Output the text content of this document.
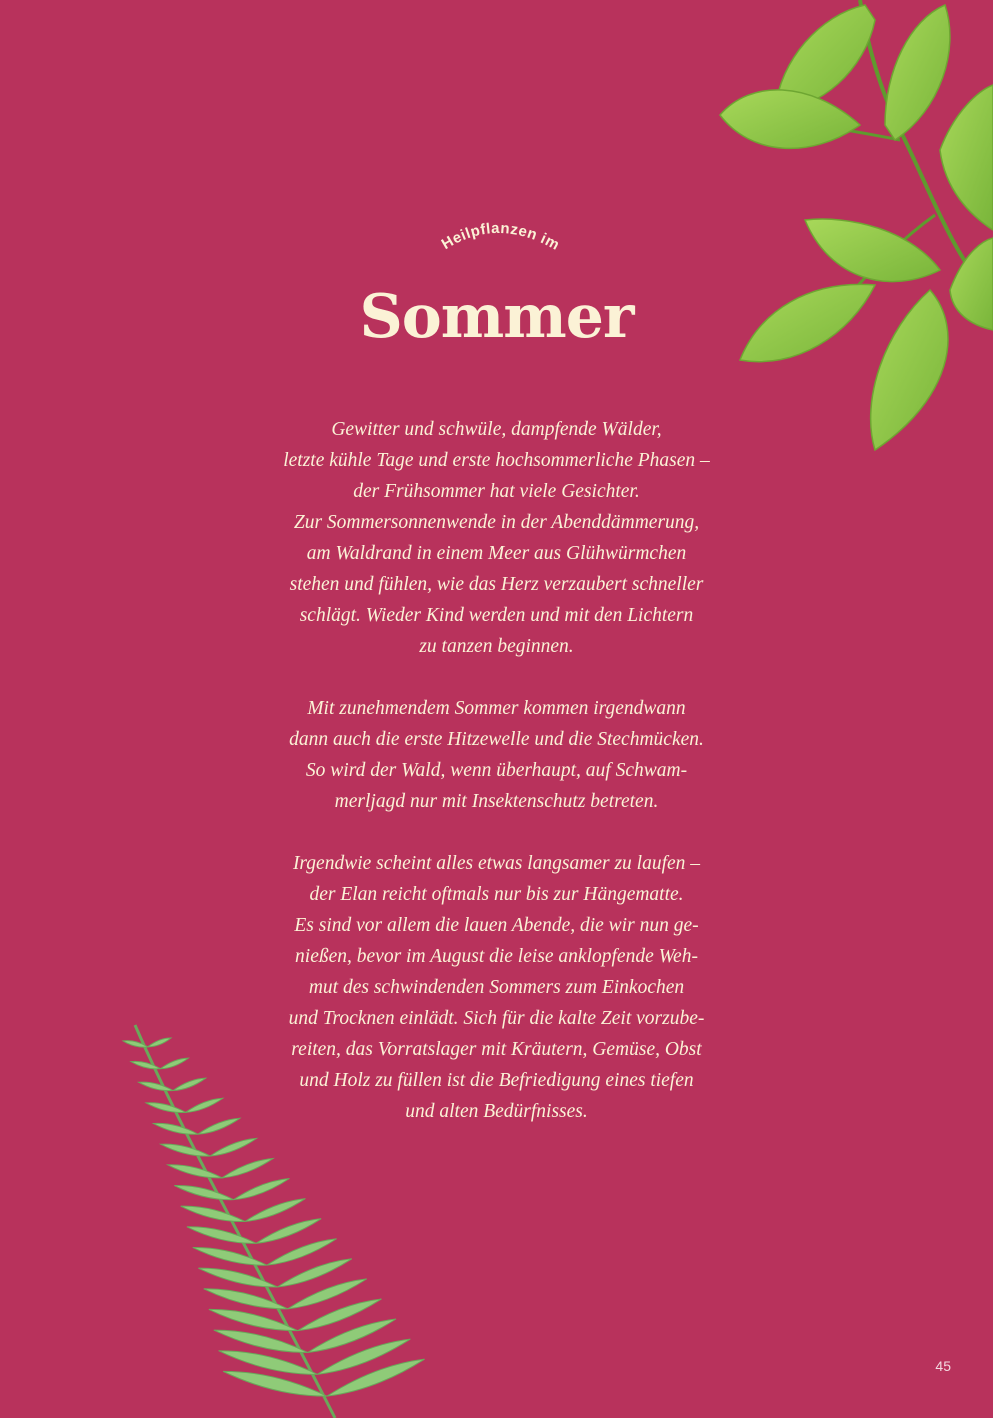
Heilpflanzen im
Sommer

Gewitter und schwüle, dampfende Wälder,
letzte kühle Tage und erste hochsommerliche Phasen –
der Frühsommer hat viele Gesichter.
Zur Sommersonnenwende in der Abenddämmerung,
am Waldrand in einem Meer aus Glühwürmchen
stehen und fühlen, wie das Herz verzaubert schneller
schlägt. Wieder Kind werden und mit den Lichtern
zu tanzen beginnen.

Mit zunehmendem Sommer kommen irgendwann
dann auch die erste Hitzewelle und die Stechmücken.
So wird der Wald, wenn überhaupt, auf Schwam-
merljagd nur mit Insektenschutz betreten.

Irgendwie scheint alles etwas langsamer zu laufen –
der Elan reicht oftmals nur bis zur Hängematte.
Es sind vor allem die lauen Abende, die wir nun ge-
nießen, bevor im August die leise anklopfende Weh-
mut des schwindenden Sommers zum Einkochen
und Trocknen einlädt. Sich für die kalte Zeit vorzube-
reiten, das Vorratslager mit Kräutern, Gemüse, Obst
und Holz zu füllen ist die Befriedigung eines tiefen
und alten Bedürfnisses.

45
